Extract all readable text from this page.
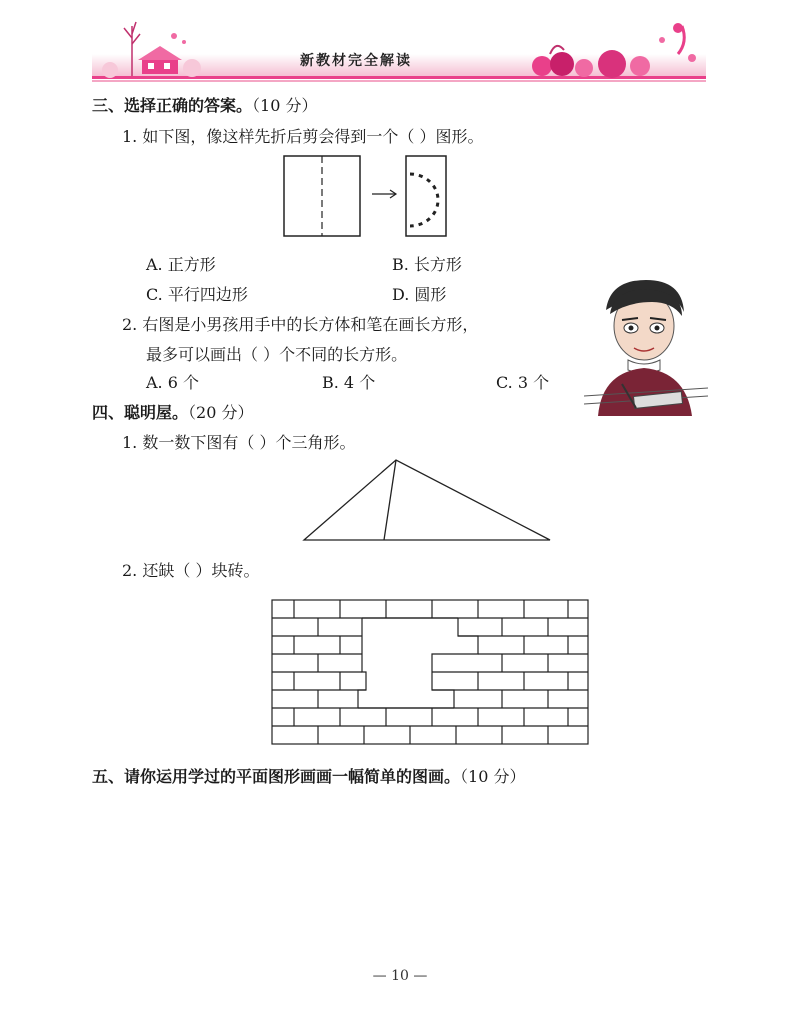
新教材完全解读
三、选择正确的答案。（10 分）
1. 如下图，像这样先折后剪会得到一个（ ）图形。
A. 正方形	B. 长方形
C. 平行四边形	D. 圆形
2. 右图是小男孩用手中的长方体和笔在画长方形，
最多可以画出（ ）个不同的长方形。
A. 6 个	B. 4 个	C. 3 个
四、聪明屋。（20 分）
1. 数一数下图有（ ）个三角形。
2. 还缺（ ）块砖。
五、请你运用学过的平面图形画画一幅简单的图画。（10 分）
— 10 —
